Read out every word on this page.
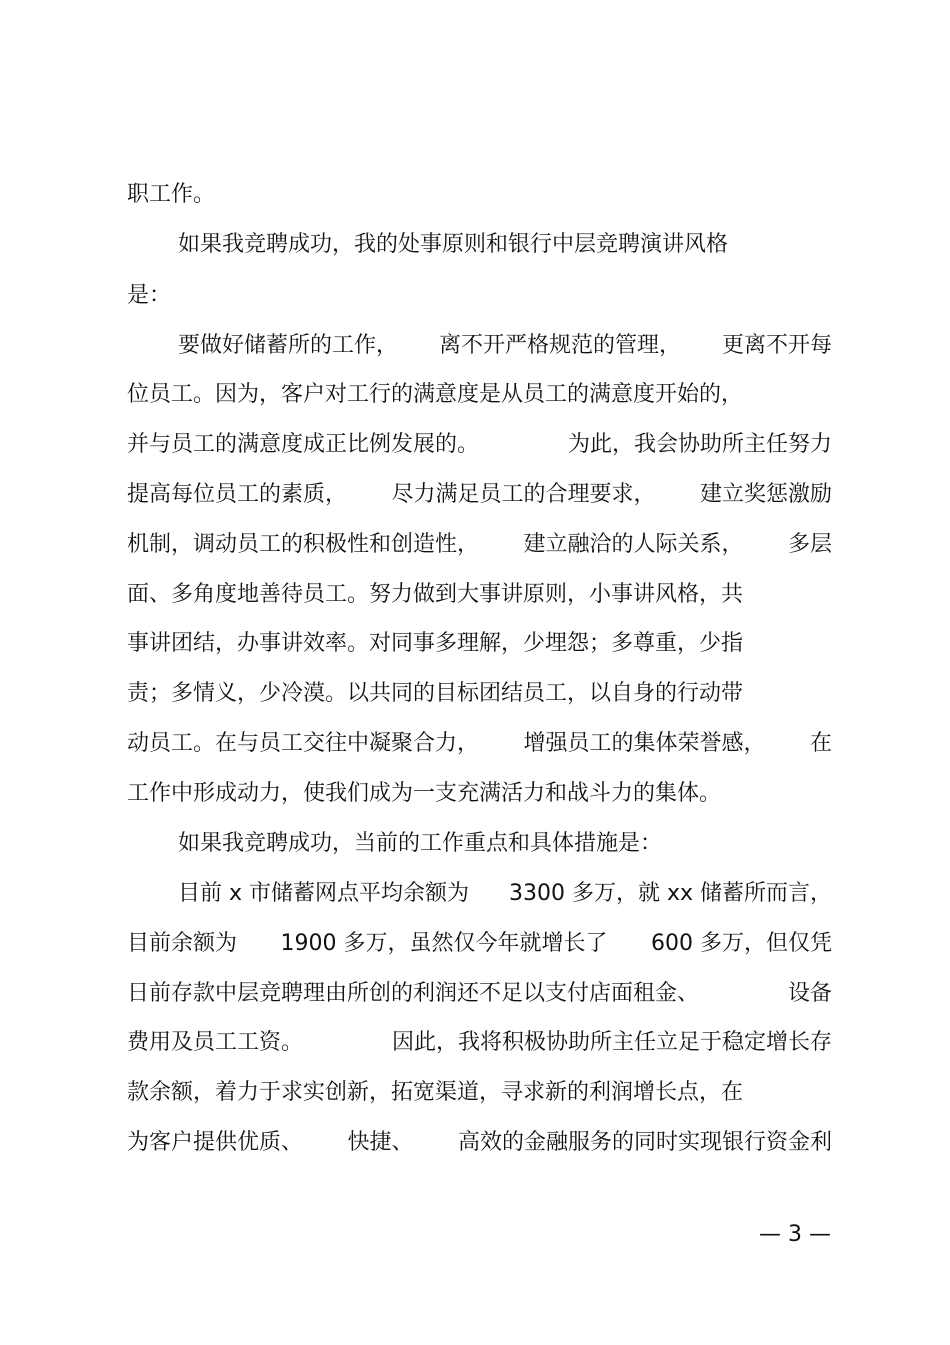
职工作。
如果我竞聘成功，我的处事原则和银行中层竞聘演讲风格
是：
要做好储蓄所的工作， 离不开严格规范的管理， 更离不开每
位员工。因为，客户对工行的满意度是从员工的满意度开始的，
并与员工的满意度成正比例发展的。	为此，我会协助所主任努力
提高每位员工的素质， 尽力满足员工的合理要求， 建立奖惩激励
机制，调动员工的积极性和创造性， 建立融洽的人际关系， 多层
面、多角度地善待员工。努力做到大事讲原则，小事讲风格，共
事讲团结，办事讲效率。对同事多理解，少埋怨；多尊重，少指
责；多情义，少冷漠。以共同的目标团结员工，以自身的行动带
动员工。在与员工交往中凝聚合力， 增强员工的集体荣誉感， 在
工作中形成动力，使我们成为一支充满活力和战斗力的集体。
如果我竞聘成功，当前的工作重点和具体措施是：
目前 x 市储蓄网点平均余额为 3300 多万，就 xx 储蓄所而言，
目前余额为 1900 多万，虽然仅今年就增长了 600 多万，但仅凭
日前存款中层竞聘理由所创的利润还不足以支付店面租金、	设备
费用及员工工资。	因此，我将积极协助所主任立足于稳定增长存
款余额，着力于求实创新，拓宽渠道，寻求新的利润增长点，在
为客户提供优质、 快捷、 高效的金融服务的同时实现银行资金利
— 3 —
